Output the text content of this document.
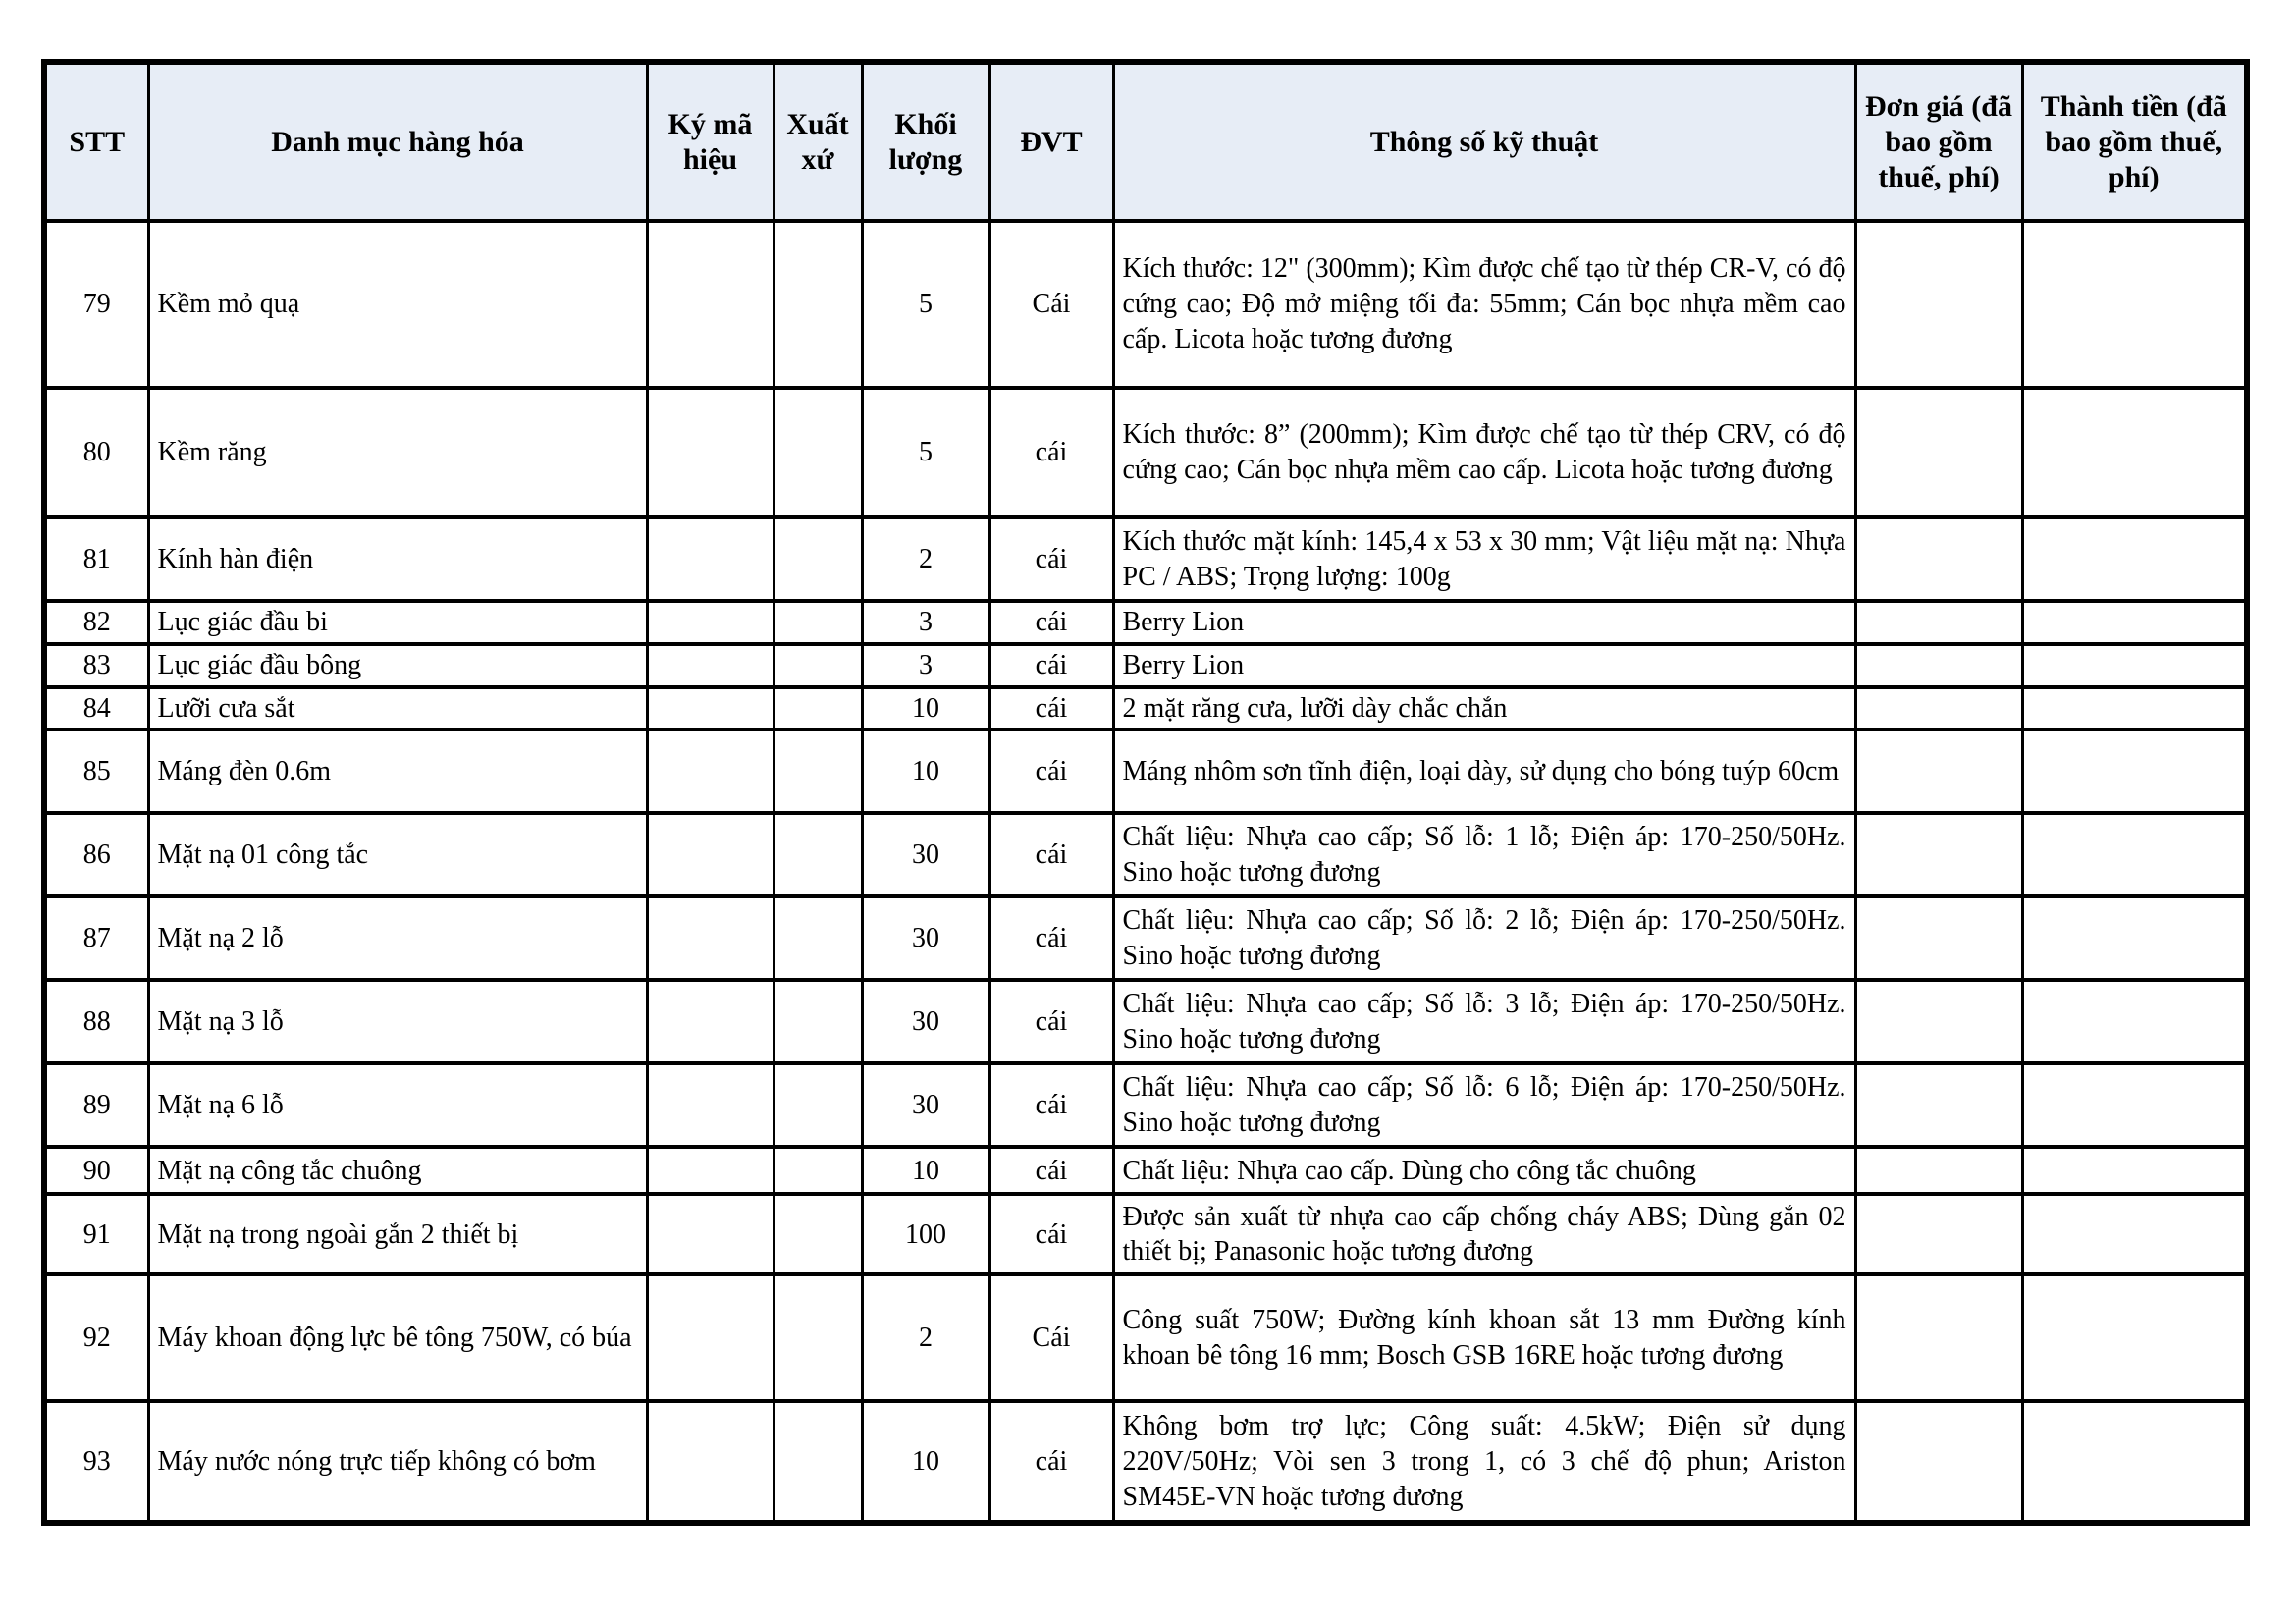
STT	Danh mục hàng hóa	Ký mã hiệu	Xuất xứ	Khối lượng	ĐVT	Thông số kỹ thuật	Đơn giá (đã bao gồm thuế, phí)	Thành tiền (đã bao gồm thuế, phí)
79	Kềm mỏ quạ			5	Cái	Kích thước: 12" (300mm); Kìm được chế tạo từ thép CR-V, có độ cứng cao; Độ mở miệng tối đa: 55mm; Cán bọc nhựa mềm cao cấp. Licota hoặc tương đương		
80	Kềm răng			5	cái	Kích thước: 8” (200mm); Kìm được chế tạo từ thép CRV, có độ cứng cao; Cán bọc nhựa mềm cao cấp. Licota hoặc tương đương		
81	Kính hàn điện			2	cái	Kích thước mặt kính: 145,4 x 53 x 30 mm; Vật liệu mặt nạ: Nhựa PC / ABS; Trọng lượng: 100g		
82	Lục giác đầu bi			3	cái	Berry Lion		
83	Lục giác đầu bông			3	cái	Berry Lion		
84	Lưỡi cưa sắt			10	cái	2 mặt răng cưa, lưỡi dày chắc chắn		
85	Máng đèn 0.6m			10	cái	Máng nhôm sơn tĩnh điện, loại dày, sử dụng cho bóng tuýp 60cm		
86	Mặt nạ 01 công tắc			30	cái	Chất liệu: Nhựa cao cấp; Số lỗ: 1 lỗ; Điện áp: 170-250/50Hz. Sino hoặc tương đương		
87	Mặt nạ 2 lỗ			30	cái	Chất liệu: Nhựa cao cấp; Số lỗ: 2 lỗ; Điện áp: 170-250/50Hz. Sino hoặc tương đương		
88	Mặt nạ 3 lỗ			30	cái	Chất liệu: Nhựa cao cấp; Số lỗ: 3 lỗ; Điện áp: 170-250/50Hz. Sino hoặc tương đương		
89	Mặt nạ 6 lỗ			30	cái	Chất liệu: Nhựa cao cấp; Số lỗ: 6 lỗ; Điện áp: 170-250/50Hz. Sino hoặc tương đương		
90	Mặt nạ công tắc chuông			10	cái	Chất liệu: Nhựa cao cấp. Dùng cho công tắc chuông		
91	Mặt nạ trong ngoài gắn 2 thiết bị			100	cái	Được sản xuất từ nhựa cao cấp chống cháy ABS; Dùng gắn 02 thiết bị; Panasonic hoặc tương đương		
92	Máy khoan động lực bê tông 750W, có búa			2	Cái	Công suất 750W; Đường kính khoan sắt 13 mm Đường kính khoan bê tông 16 mm; Bosch GSB 16RE hoặc tương đương		
93	Máy nước nóng trực tiếp không có bơm			10	cái	Không bơm trợ lực; Công suất: 4.5kW; Điện sử dụng 220V/50Hz; Vòi sen 3 trong 1, có 3 chế độ phun; Ariston SM45E-VN hoặc tương đương		
